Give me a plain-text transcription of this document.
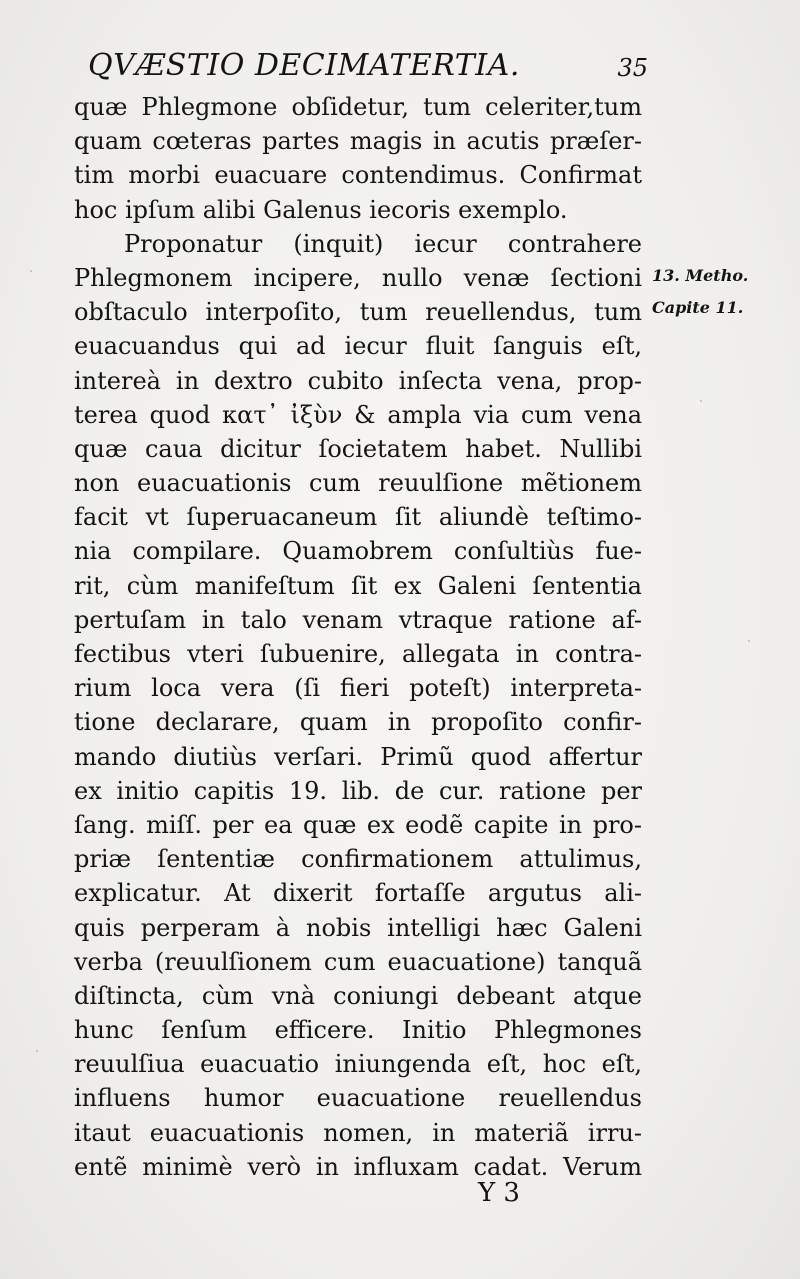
QVÆSTIO DECIMATERTIA.	35
quæ Phlegmone obſidetur, tum celeriter,tum
quam cœteras partes magis in acutis præſer-
tim morbi euacuare contendimus. Confirmat
hoc ipſum alibi Galenus iecoris exemplo.
Proponatur (inquit) iecur contrahere
Phlegmonem incipere, nullo venæ ſectioni
obſtaculo interpoſito, tum reuellendus, tum
euacuandus qui ad iecur fluit ſanguis eſt,
intereà in dextro cubito inſecta vena, prop-
terea quod κατ᾽ ἰξὺν & ampla via cum vena
quæ caua dicitur ſocietatem habet. Nullibi
non euacuationis cum reuulſione mẽtionem
facit vt ſuperuacaneum ſit aliundè teſtimo-
nia compilare. Quamobrem conſultiùs fue-
rit, cùm manifeſtum ſit ex Galeni ſententia
pertuſam in talo venam vtraque ratione af-
fectibus vteri ſubuenire, allegata in contra-
rium loca vera (ſi fieri poteſt) interpreta-
tione declarare, quam in propoſito confir-
mando diutiùs verſari. Primũ quod affertur
ex initio capitis 19. lib. de cur. ratione per
ſang. miſſ. per ea quæ ex eodẽ capite in pro-
priæ ſententiæ confirmationem attulimus,
explicatur. At dixerit fortaſſe argutus ali-
quis perperam à nobis intelligi hæc Galeni
verba (reuulſionem cum euacuatione) tanquã
diſtincta, cùm vnà coniungi debeant atque
hunc ſenſum efficere. Initio Phlegmones
reuulſiua euacuatio iniungenda eſt, hoc eſt,
influens humor euacuatione reuellendus
itaut euacuationis nomen, in materiã irru-
entẽ minimè verò in influxam cadat. Verum
13. Metho.
Capite 11.
Y 3
